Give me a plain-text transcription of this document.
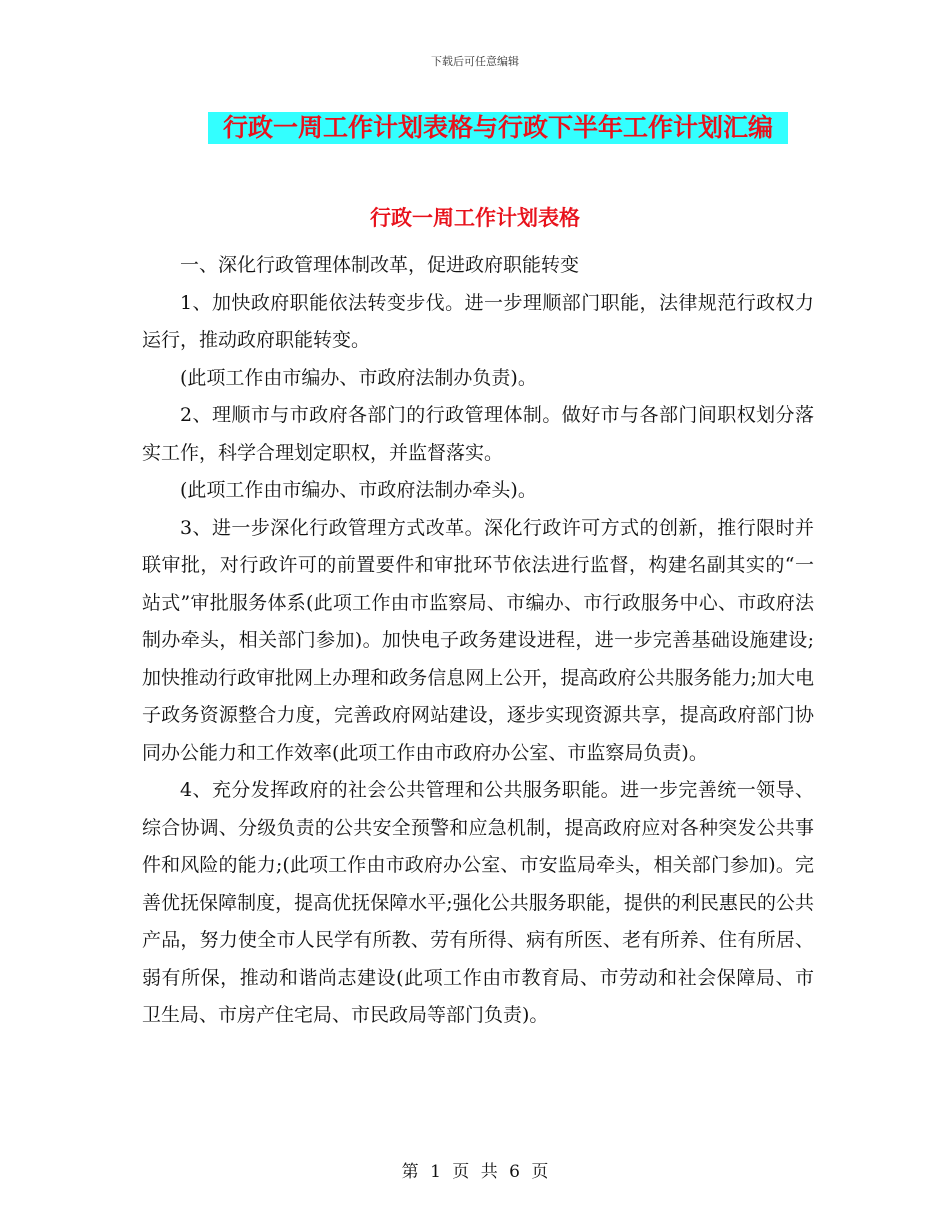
下载后可任意编辑
行政一周工作计划表格与行政下半年工作计划汇编
行政一周工作计划表格

一、深化行政管理体制改革，促进政府职能转变

1、加快政府职能依法转变步伐。进一步理顺部门职能，法律规范行政权力运行，推动政府职能转变。

(此项工作由市编办、市政府法制办负责)。

2、理顺市与市政府各部门的行政管理体制。做好市与各部门间职权划分落实工作，科学合理划定职权，并监督落实。

(此项工作由市编办、市政府法制办牵头)。

3、进一步深化行政管理方式改革。深化行政许可方式的创新，推行限时并联审批，对行政许可的前置要件和审批环节依法进行监督，构建名副其实的“一站式”审批服务体系(此项工作由市监察局、市编办、市行政服务中心、市政府法制办牵头，相关部门参加)。加快电子政务建设进程，进一步完善基础设施建设;加快推动行政审批网上办理和政务信息网上公开，提高政府公共服务能力;加大电子政务资源整合力度，完善政府网站建设，逐步实现资源共享，提高政府部门协同办公能力和工作效率(此项工作由市政府办公室、市监察局负责)。

4、充分发挥政府的社会公共管理和公共服务职能。进一步完善统一领导、综合协调、分级负责的公共安全预警和应急机制，提高政府应对各种突发公共事件和风险的能力;(此项工作由市政府办公室、市安监局牵头，相关部门参加)。完善优抚保障制度，提高优抚保障水平;强化公共服务职能，提供的利民惠民的公共产品，努力使全市人民学有所教、劳有所得、病有所医、老有所养、住有所居、弱有所保，推动和谐尚志建设(此项工作由市教育局、市劳动和社会保障局、市卫生局、市房产住宅局、市民政局等部门负责)。

第 1 页 共 6 页
